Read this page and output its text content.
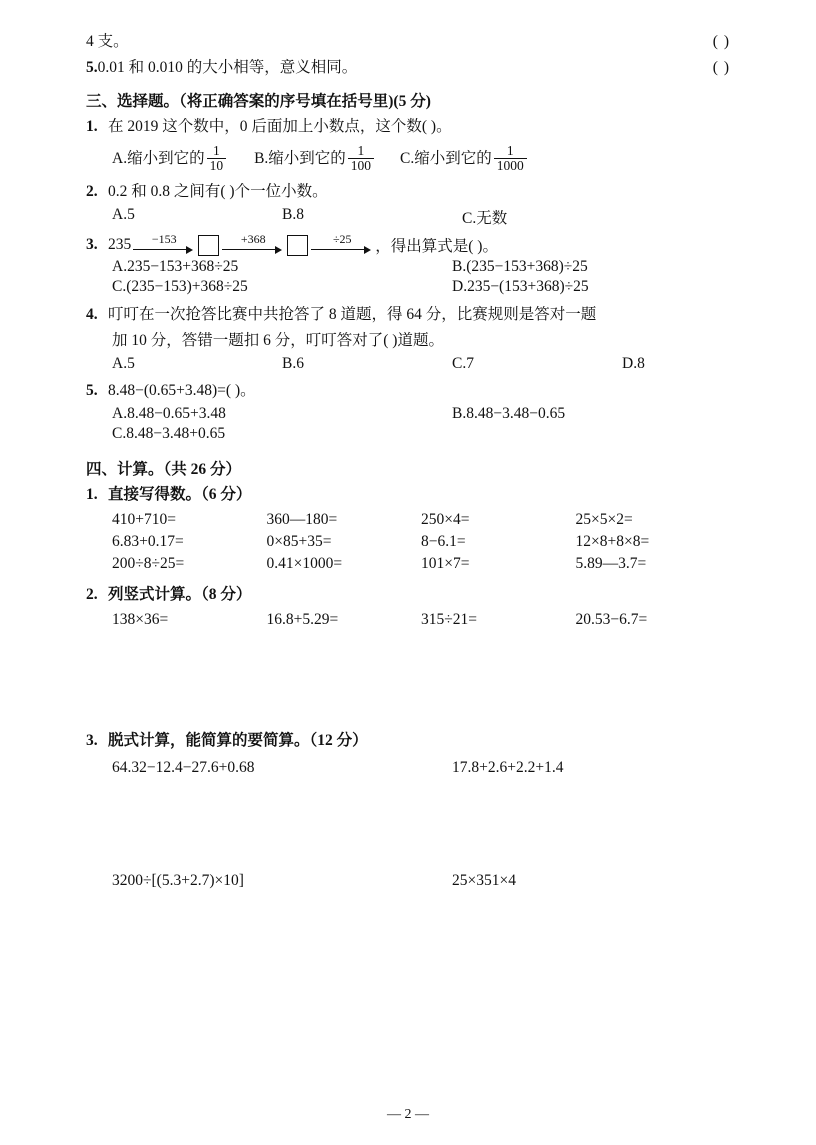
4 支。	( )
5.0.01 和 0.010 的大小相等，意义相同。	( )
三、选择题。（将正确答案的序号填在括号里)(5 分)
1. 在 2019 这个数中，0 后面加上小数点，这个数( )。
A.缩小到它的 $\frac{1}{10} B$.缩小到它的 $\frac{1}{100} C$.缩小到它的 $\frac{1}{1000}$
2. 0.2 和 0.8 之间有( )个一位小数。
A.5	B.8	C.无数
3. 235 −153	+368	÷25 ，得出算式是( )。
A.235−153+368÷25	B.(235−153+368)÷25
C.(235−153)+368÷25	D.235−(153+368)÷25
4. 叮叮在一次抢答比赛中共抢答了 8 道题，得 64 分，比赛规则是答对一题
加 10 分，答错一题扣 6 分，叮叮答对了( )道题。
A.5	B.6	C.7	D.8
5. 8.48−(0.65+3.48)=( )。
A.8.48−0.65+3.48	B.8.48−3.48−0.65
C.8.48−3.48+0.65
四、计算。（共 26 分）
1. 直接写得数。（6 分）
410+710=	360—180=	250×4=	25×5×2=
6.83+0.17=	0×85+35=	8−6.1=	12×8+8×8=
200÷8÷25=	0.41×1000=	101×7=	5.89—3.7=
2. 列竖式计算。（8 分）
138×36=	16.8+5.29=	315÷21=	20.53−6.7=
3. 脱式计算，能简算的要简算。（12 分）
64.32−12.4−27.6+0.68	17.8+2.6+2.2+1.4
3200÷[(5.3+2.7)×10]	25×351×4
— 2 —
